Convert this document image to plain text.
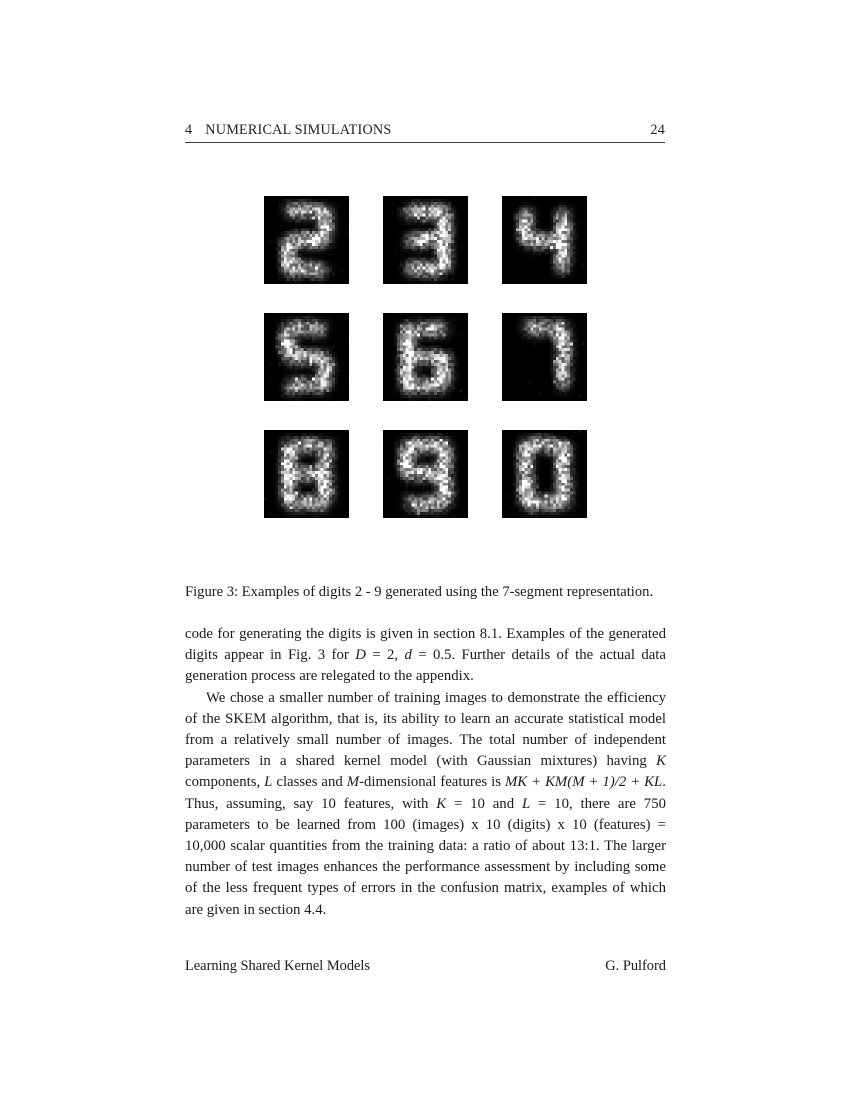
4 NUMERICAL SIMULATIONS	24
Figure 3: Examples of digits 2 - 9 generated using the 7-segment representation.

code for generating the digits is given in section 8.1. Examples of the generated digits appear in Fig. 3 for D = 2, d = 0.5. Further details of the actual data generation process are relegated to the appendix.

We chose a smaller number of training images to demonstrate the efficiency of the SKEM algorithm, that is, its ability to learn an accurate statistical model from a relatively small number of images. The total number of independent parameters in a shared kernel model (with Gaussian mixtures) having K components, L classes and M-dimensional features is MK + KM(M + 1)/2 + KL. Thus, assuming, say 10 features, with K = 10 and L = 10, there are 750 parameters to be learned from 100 (images) x 10 (digits) x 10 (features) = 10,000 scalar quantities from the training data: a ratio of about 13:1. The larger number of test images enhances the performance assessment by including some of the less frequent types of errors in the confusion matrix, examples of which are given in section 4.4.

Learning Shared Kernel Models	G. Pulford
